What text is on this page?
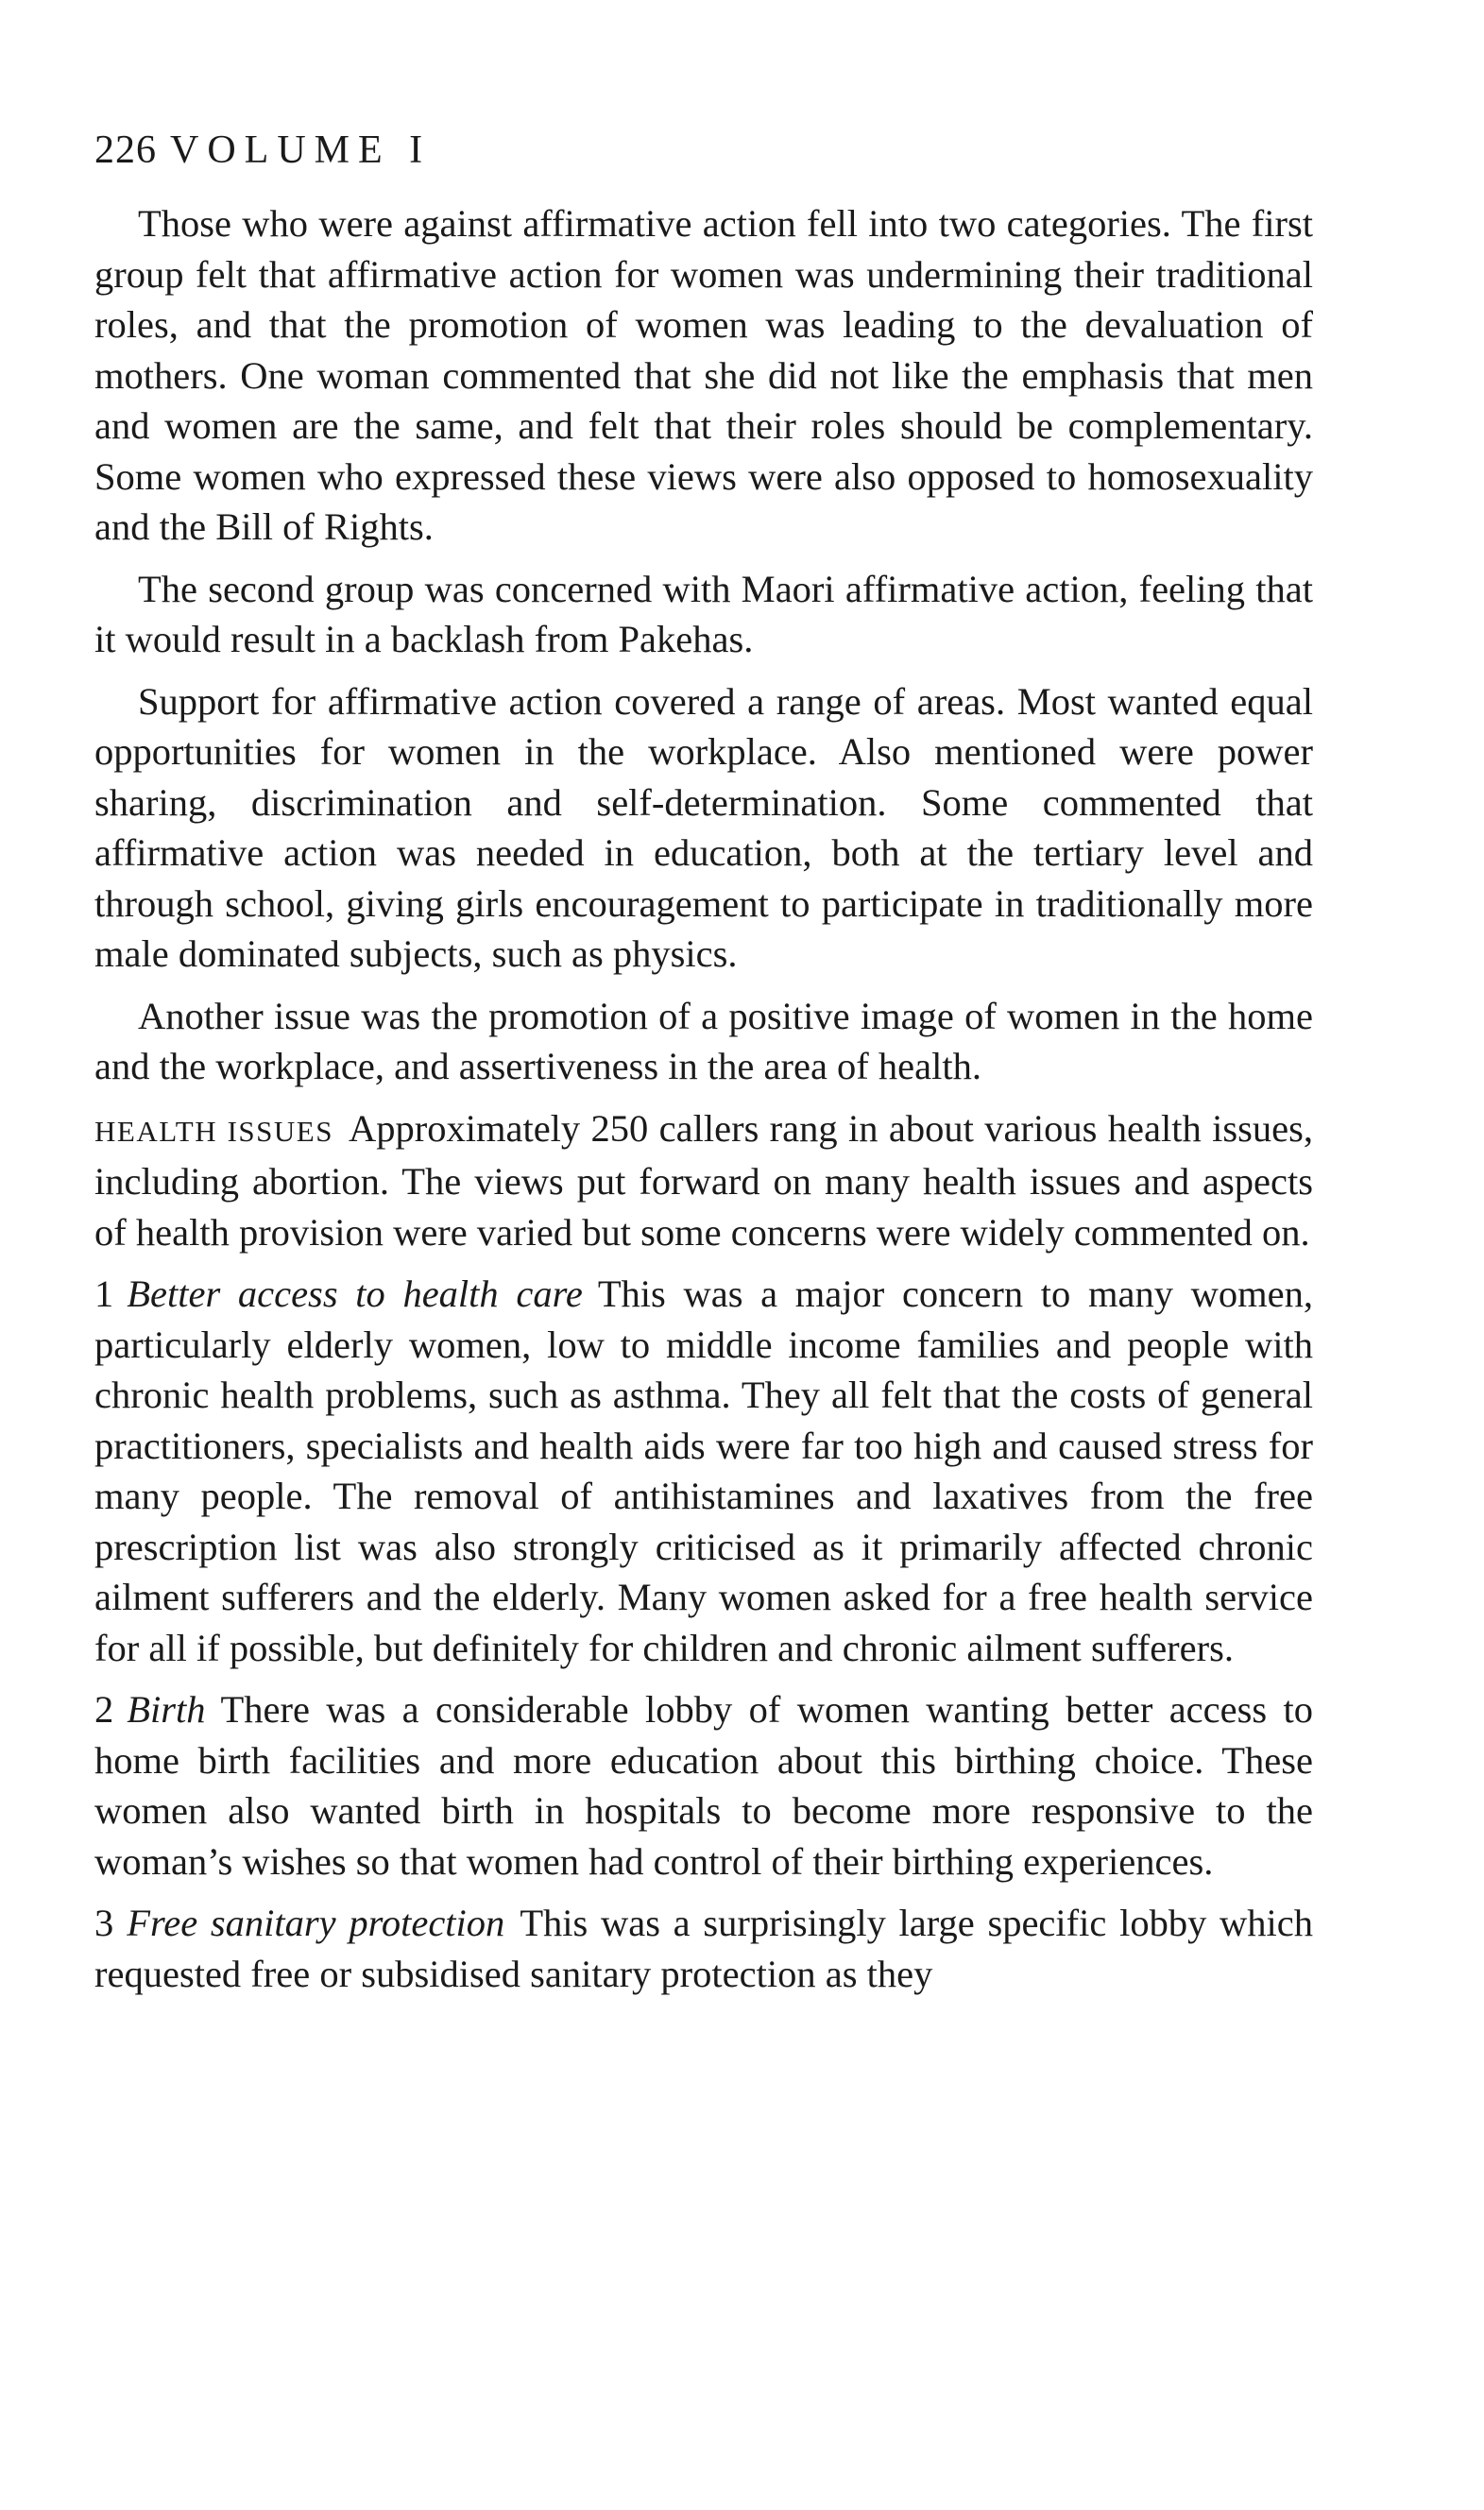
226 VOLUME I

Those who were against affirmative action fell into two categories. The first group felt that affirmative action for women was undermining their traditional roles, and that the promotion of women was leading to the devaluation of mothers. One woman commented that she did not like the emphasis that men and women are the same, and felt that their roles should be complementary. Some women who expressed these views were also opposed to homosexuality and the Bill of Rights.

The second group was concerned with Maori affirmative action, feeling that it would result in a backlash from Pakehas.

Support for affirmative action covered a range of areas. Most wanted equal opportunities for women in the workplace. Also mentioned were power sharing, discrimination and self-determination. Some commented that affirmative action was needed in education, both at the tertiary level and through school, giving girls encouragement to participate in traditionally more male dominated subjects, such as physics.

Another issue was the promotion of a positive image of women in the home and the workplace, and assertiveness in the area of health.

HEALTH ISSUES Approximately 250 callers rang in about various health issues, including abortion. The views put forward on many health issues and aspects of health provision were varied but some concerns were widely commented on.

1 Better access to health care This was a major concern to many women, particularly elderly women, low to middle income families and people with chronic health problems, such as asthma. They all felt that the costs of general practitioners, specialists and health aids were far too high and caused stress for many people. The removal of antihistamines and laxatives from the free prescription list was also strongly criticised as it primarily affected chronic ailment sufferers and the elderly. Many women asked for a free health service for all if possible, but definitely for children and chronic ailment sufferers.

2 Birth There was a considerable lobby of women wanting better access to home birth facilities and more education about this birthing choice. These women also wanted birth in hospitals to become more responsive to the woman’s wishes so that women had control of their birthing experiences.

3 Free sanitary protection This was a surprisingly large specific lobby which requested free or subsidised sanitary protection as they
